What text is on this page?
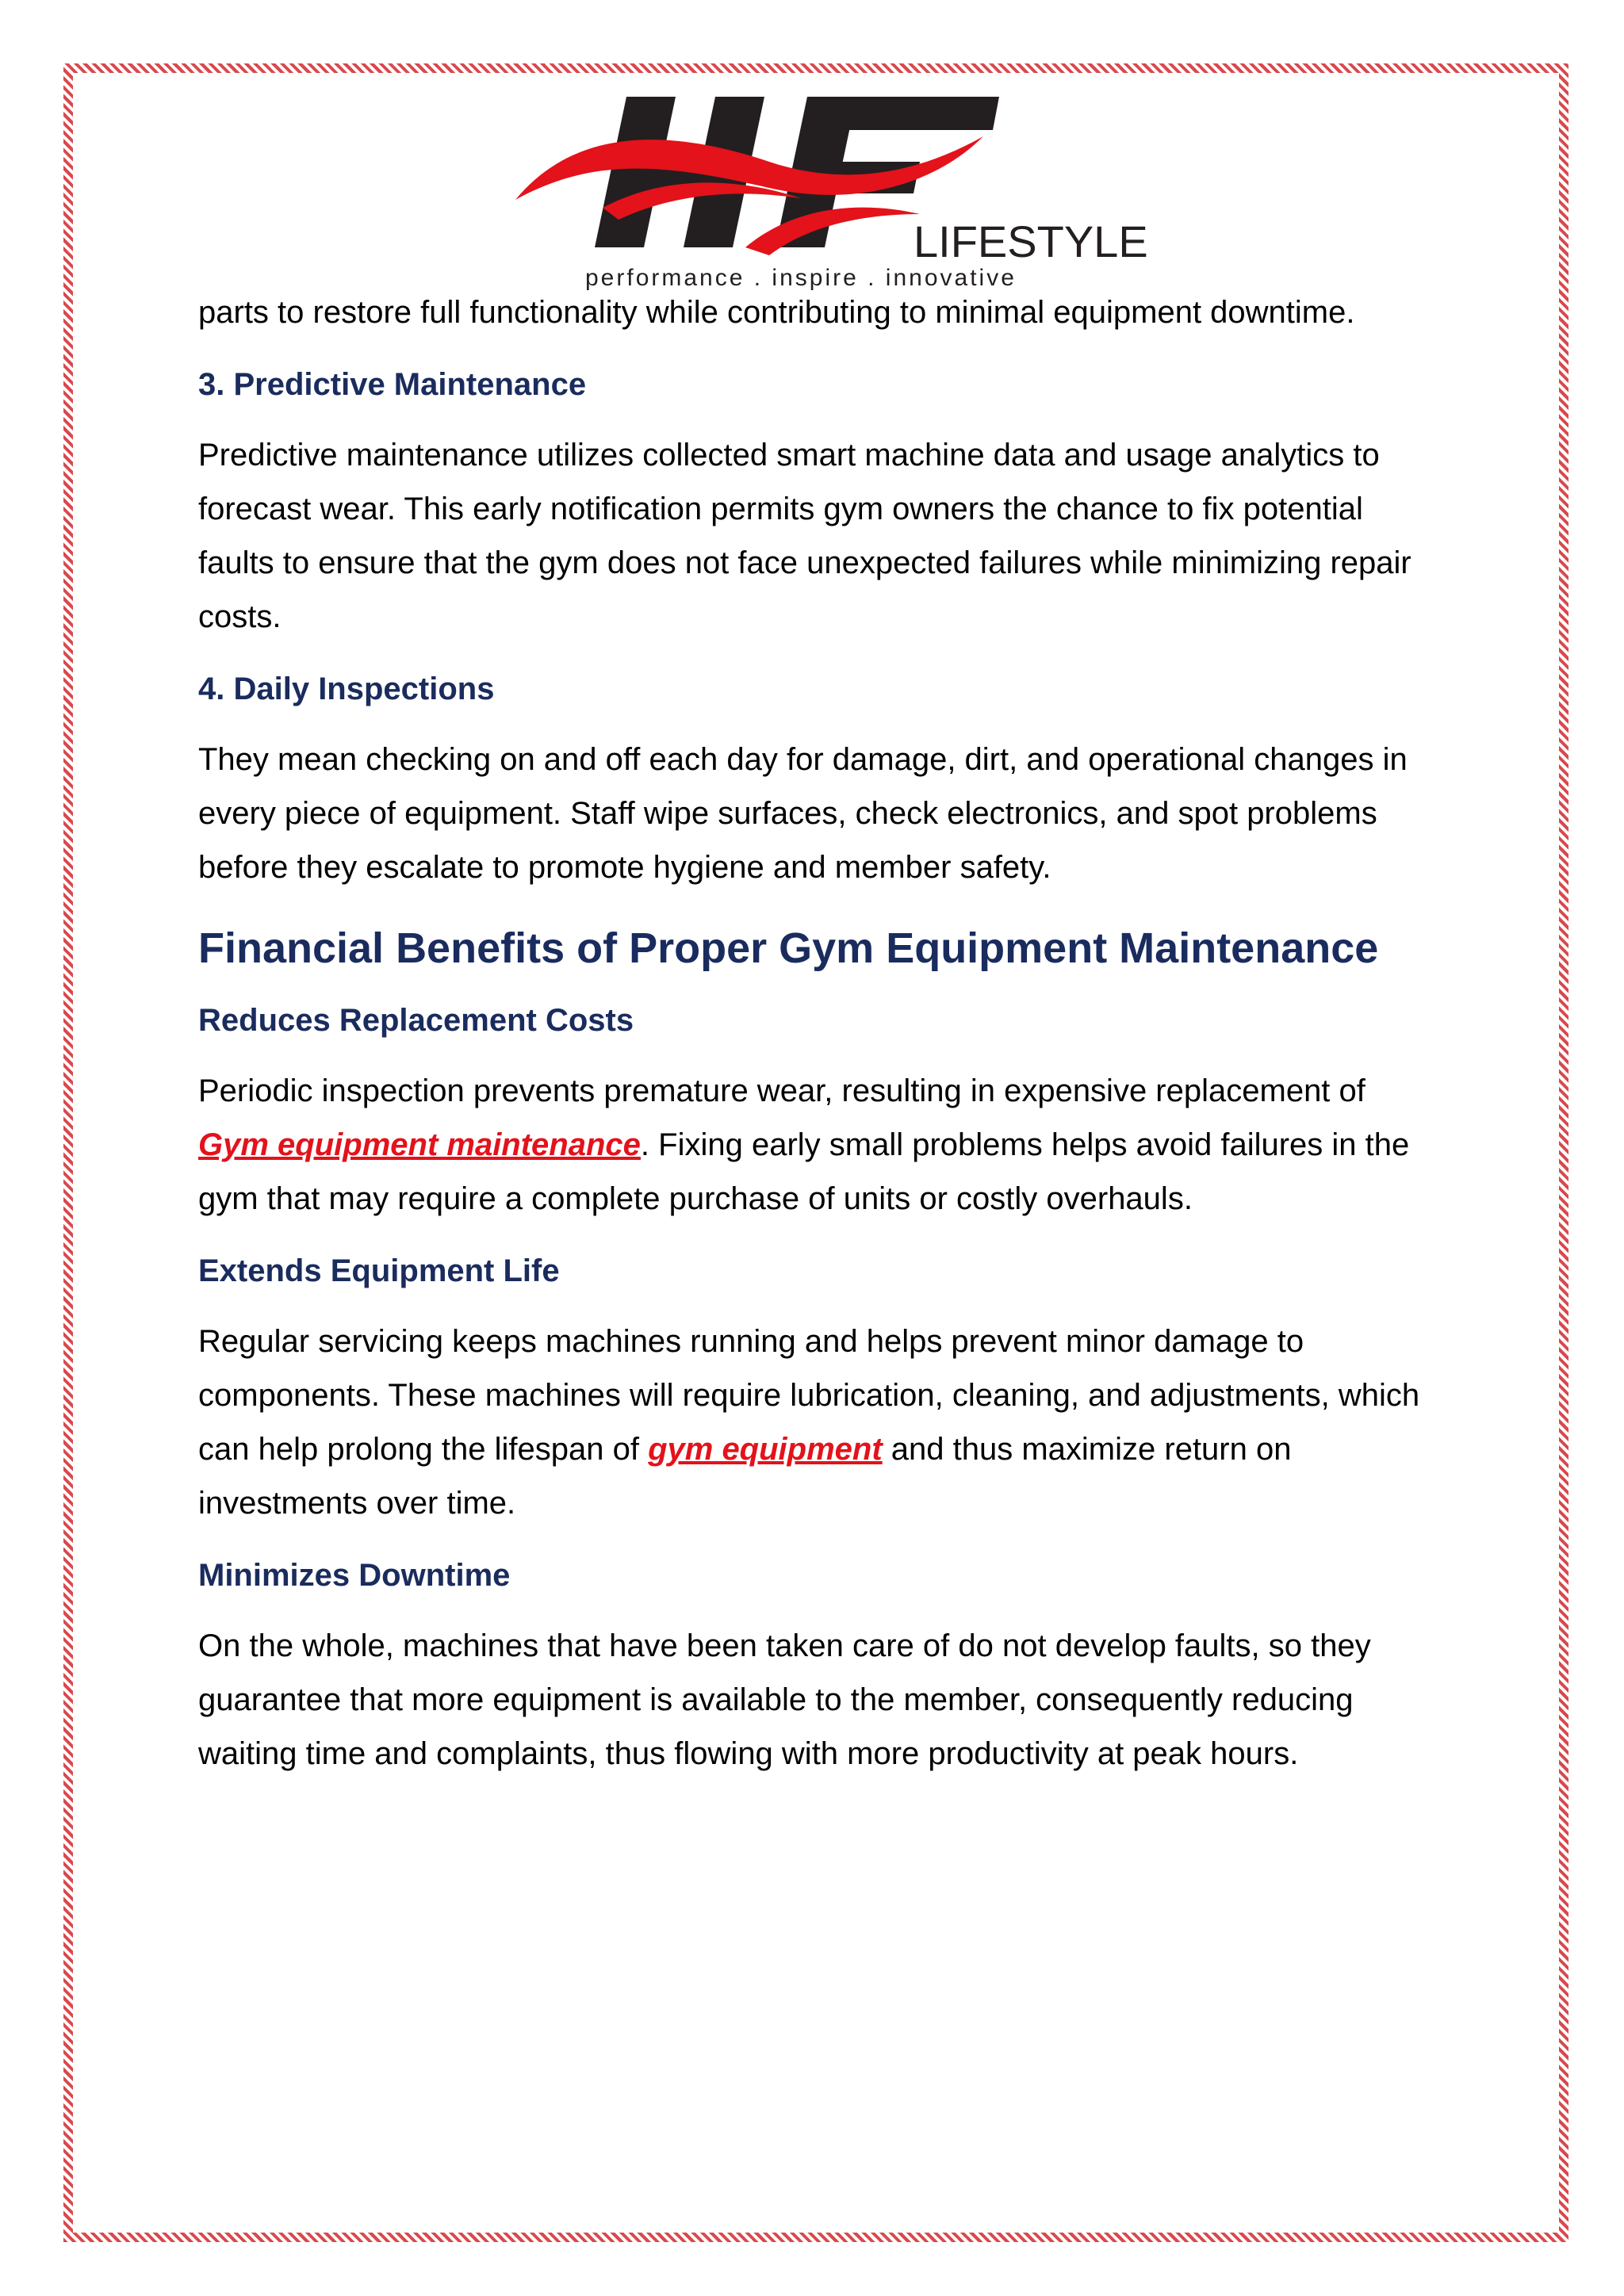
LIFESTYLE
performance . inspire . innovative

parts to restore full functionality while contributing to minimal equipment downtime.

3. Predictive Maintenance

Predictive maintenance utilizes collected smart machine data and usage analytics to forecast wear. This early notification permits gym owners the chance to fix potential faults to ensure that the gym does not face unexpected failures while minimizing repair costs.

4. Daily Inspections

They mean checking on and off each day for damage, dirt, and operational changes in every piece of equipment. Staff wipe surfaces, check electronics, and spot problems before they escalate to promote hygiene and member safety.

Financial Benefits of Proper Gym Equipment Maintenance
Reduces Replacement Costs

Periodic inspection prevents premature wear, resulting in expensive replacement of Gym equipment maintenance. Fixing early small problems helps avoid failures in the gym that may require a complete purchase of units or costly overhauls.

Extends Equipment Life

Regular servicing keeps machines running and helps prevent minor damage to components. These machines will require lubrication, cleaning, and adjustments, which can help prolong the lifespan of gym equipment and thus maximize return on investments over time.

Minimizes Downtime

On the whole, machines that have been taken care of do not develop faults, so they guarantee that more equipment is available to the member, consequently reducing waiting time and complaints, thus flowing with more productivity at peak hours.
